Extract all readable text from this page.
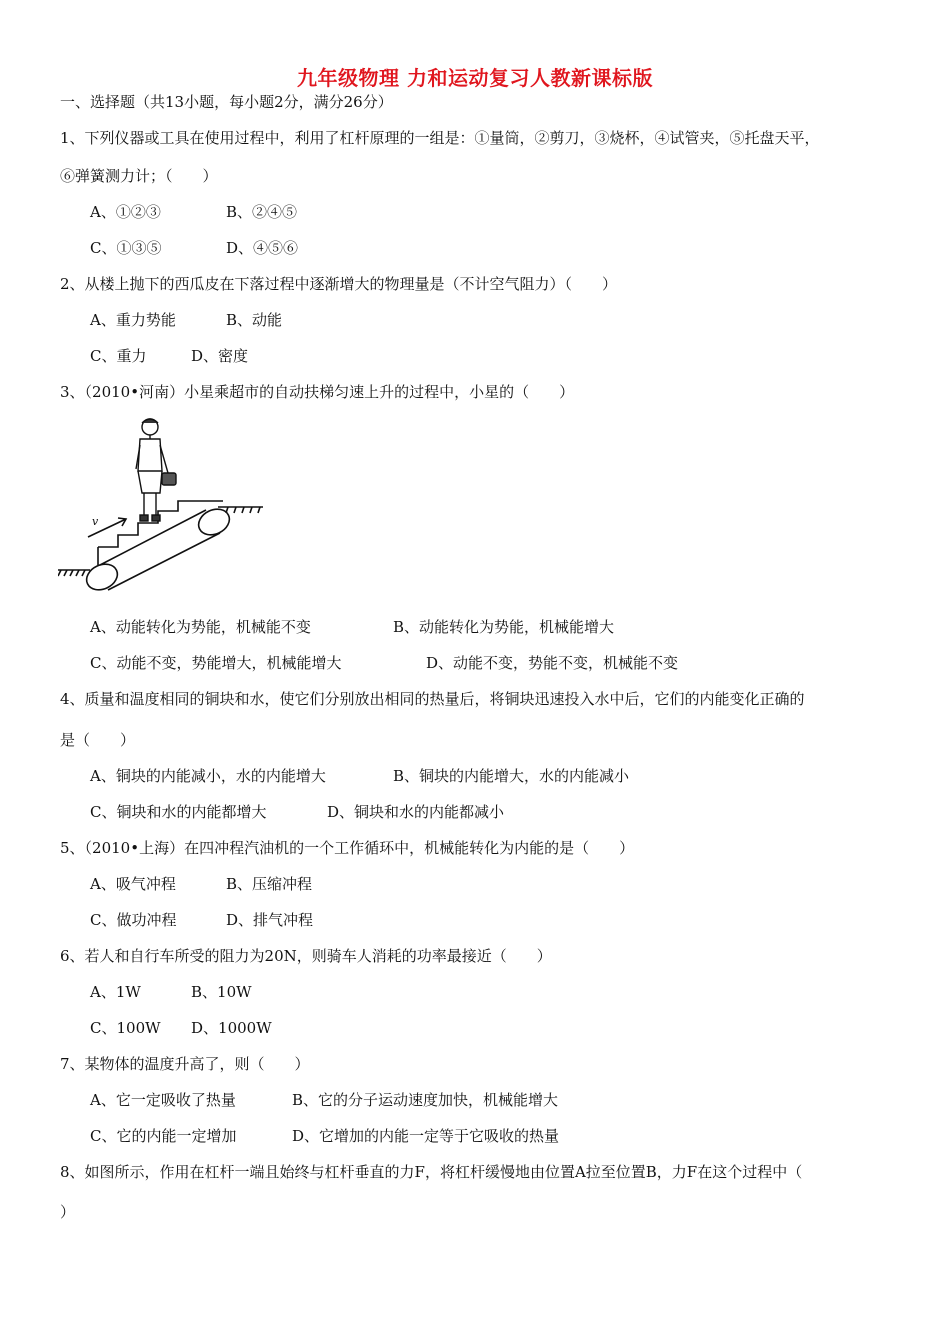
九年级物理 力和运动复习人教新课标版
一、选择题（共13小题，每小题2分，满分26分）
1、下列仪器或工具在使用过程中，利用了杠杆原理的一组是：①量筒，②剪刀，③烧杯，④试管夹，⑤托盘天平，
⑥弹簧测力计；（　　）
A、①②③	B、②④⑤
C、①③⑤	D、④⑤⑥
2、从楼上抛下的西瓜皮在下落过程中逐渐增大的物理量是（不计空气阻力）（　　）
A、重力势能	B、动能
C、重力	D、密度
3、（2010•河南）小星乘超市的自动扶梯匀速上升的过程中，小星的（　　）
v
A、动能转化为势能，机械能不变	B、动能转化为势能，机械能增大
C、动能不变，势能增大，机械能增大	D、动能不变，势能不变，机械能不变
4、质量和温度相同的铜块和水，使它们分别放出相同的热量后，将铜块迅速投入水中后，它们的内能变化正确的
是（　　）
A、铜块的内能减小，水的内能增大	B、铜块的内能增大，水的内能减小
C、铜块和水的内能都增大	D、铜块和水的内能都减小
5、（2010•上海）在四冲程汽油机的一个工作循环中，机械能转化为内能的是（　　）
A、吸气冲程	B、压缩冲程
C、做功冲程	D、排气冲程
6、若人和自行车所受的阻力为20N，则骑车人消耗的功率最接近（　　）
A、1W	B、10W
C、100W D、1000W
7、某物体的温度升高了，则（　　）
A、它一定吸收了热量	B、它的分子运动速度加快，机械能增大
C、它的内能一定增加	D、它增加的内能一定等于它吸收的热量
8、如图所示，作用在杠杆一端且始终与杠杆垂直的力F，将杠杆缓慢地由位置A拉至位置B，力F在这个过程中（
）
